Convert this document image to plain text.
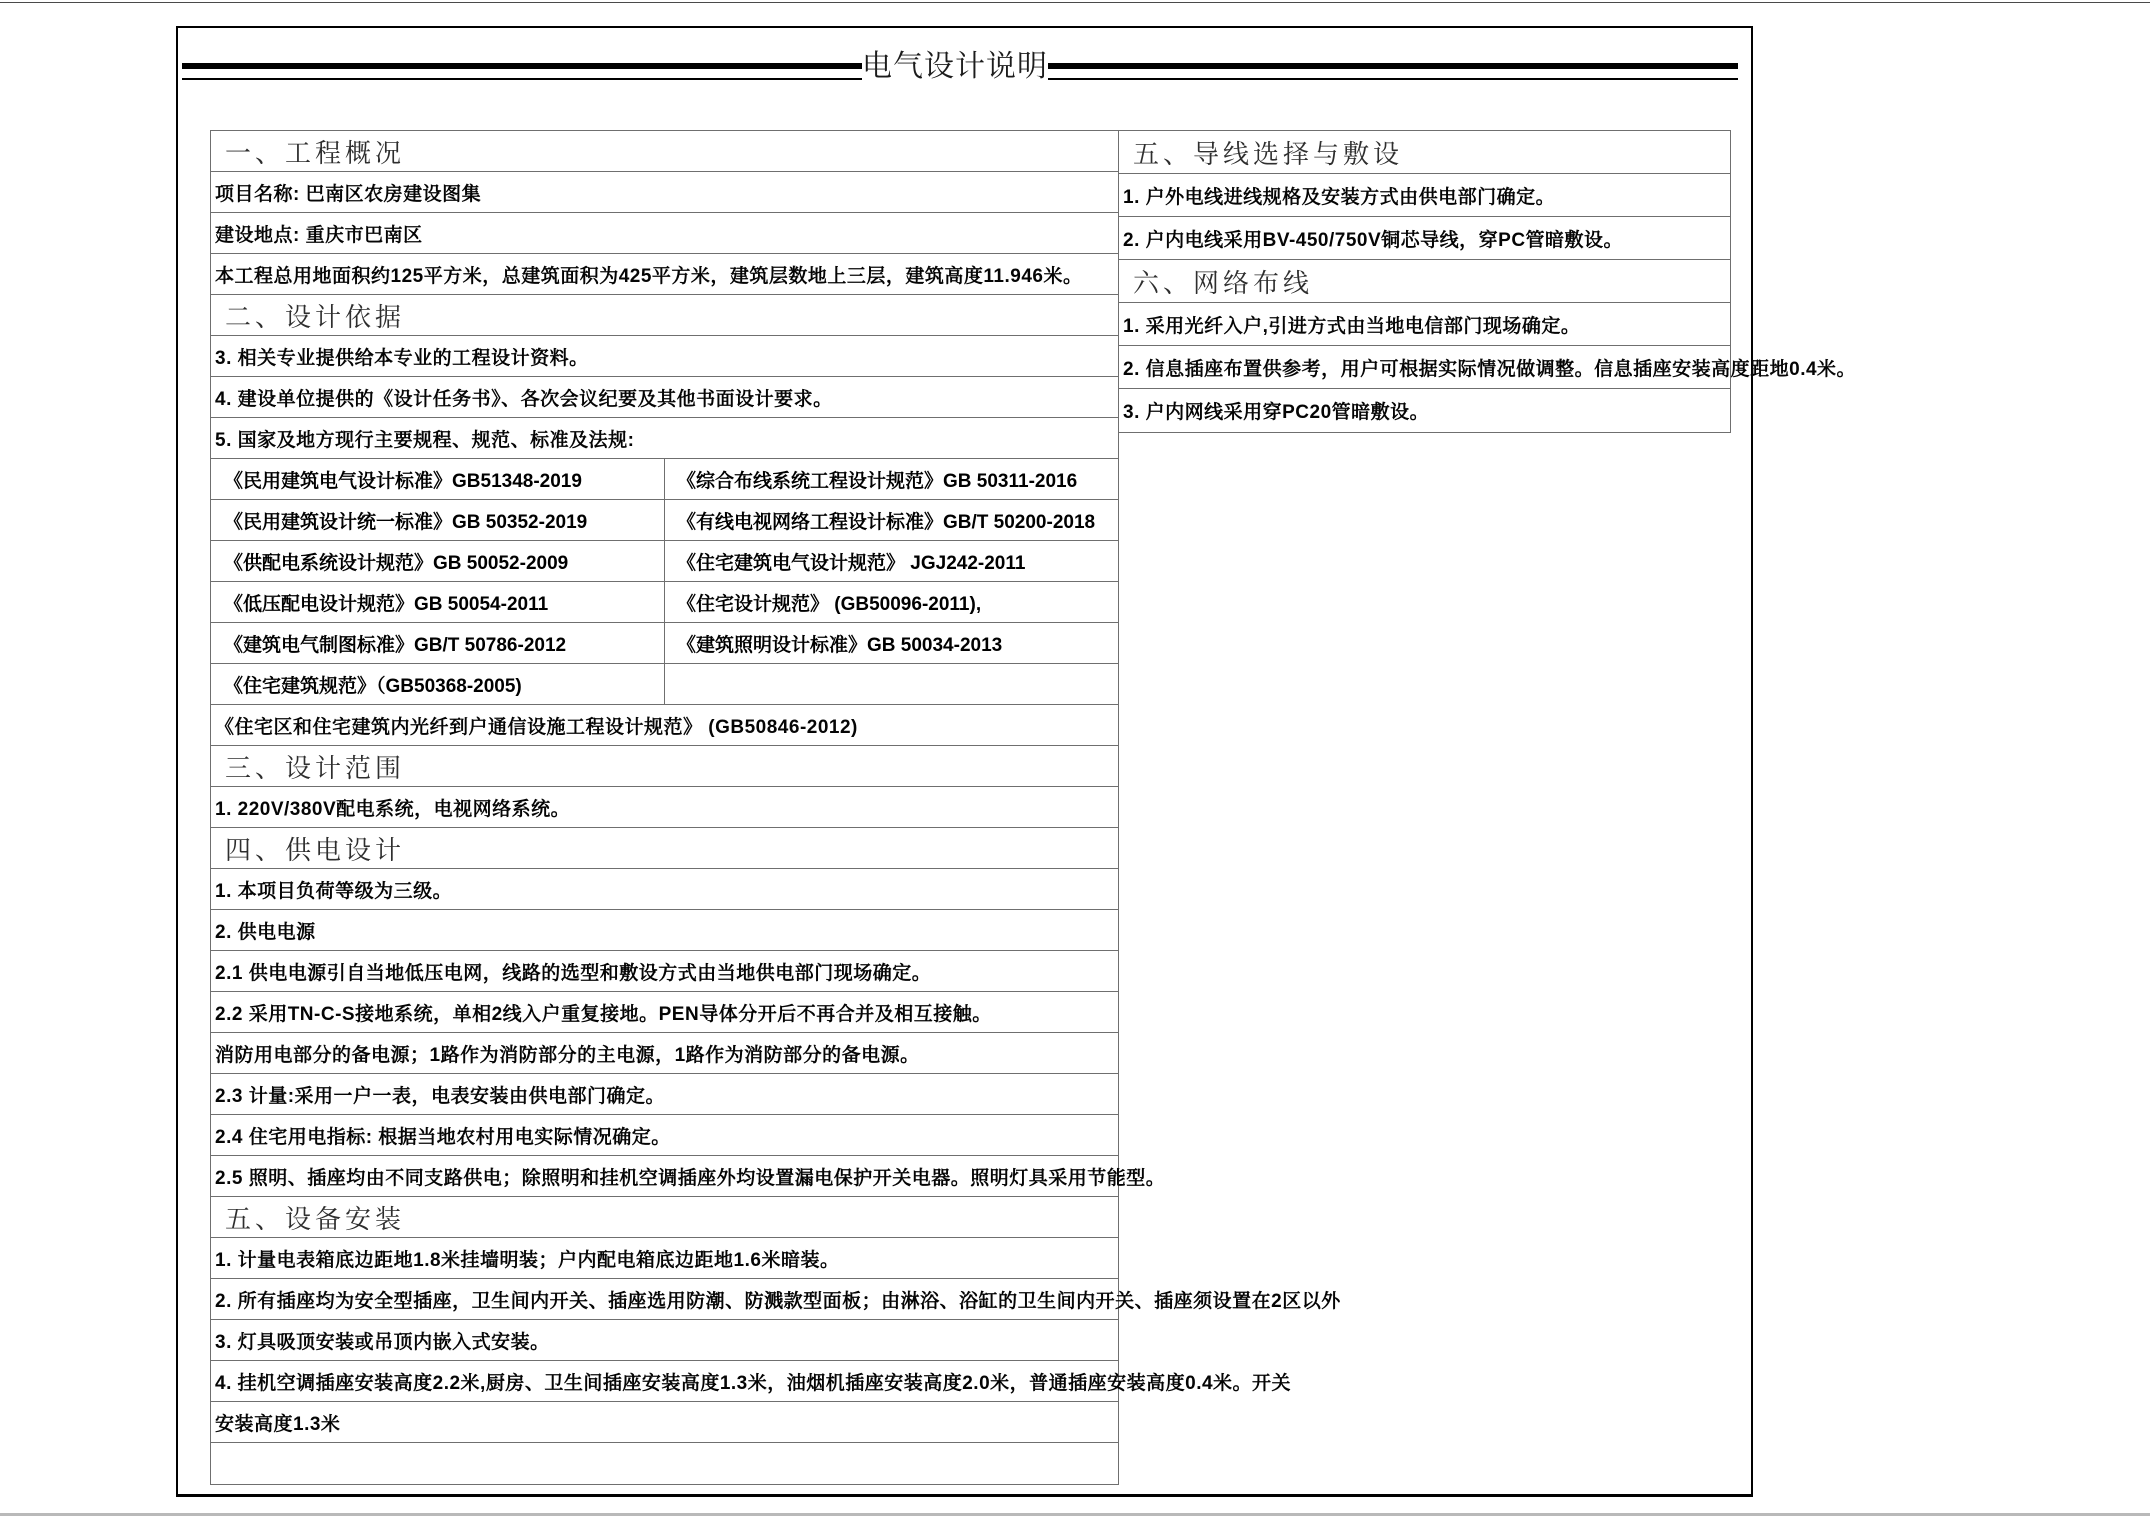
电气设计说明
一、工程概况
项目名称: 巴南区农房建设图集
建设地点: 重庆市巴南区
本工程总用地面积约125平方米，总建筑面积为425平方米，建筑层数地上三层，建筑高度11.946米。
二、设计依据
3. 相关专业提供给本专业的工程设计资料。
4. 建设单位提供的《设计任务书》、各次会议纪要及其他书面设计要求。
5. 国家及地方现行主要规程、规范、标准及法规:
《民用建筑电气设计标准》GB51348-2019	《综合布线系统工程设计规范》GB 50311-2016
《民用建筑设计统一标准》GB 50352-2019	《有线电视网络工程设计标准》GB/T 50200-2018
《供配电系统设计规范》GB 50052-2009	《住宅建筑电气设计规范》 JGJ242-2011
《低压配电设计规范》GB 50054-2011	《住宅设计规范》 (GB50096-2011),
《建筑电气制图标准》GB/T 50786-2012	《建筑照明设计标准》GB 50034-2013
《住宅建筑规范》（GB50368-2005)
《住宅区和住宅建筑内光纤到户通信设施工程设计规范》 (GB50846-2012)
三、设计范围
1. 220V/380V配电系统，电视网络系统。
四、供电设计
1. 本项目负荷等级为三级。
2. 供电电源
2.1 供电电源引自当地低压电网，线路的选型和敷设方式由当地供电部门现场确定。
2.2 采用TN-C-S接地系统，单相2线入户重复接地。PEN导体分开后不再合并及相互接触。
消防用电部分的备电源；1路作为消防部分的主电源，1路作为消防部分的备电源。
2.3 计量:采用一户一表，电表安装由供电部门确定。
2.4 住宅用电指标: 根据当地农村用电实际情况确定。
2.5 照明、插座均由不同支路供电；除照明和挂机空调插座外均设置漏电保护开关电器。照明灯具采用节能型。
五、设备安装
1. 计量电表箱底边距地1.8米挂墙明装；户内配电箱底边距地1.6米暗装。
2. 所有插座均为安全型插座，卫生间内开关、插座选用防潮、防溅款型面板；由淋浴、浴缸的卫生间内开关、插座须设置在2区以外
3. 灯具吸顶安装或吊顶内嵌入式安装。
4. 挂机空调插座安装高度2.2米,厨房、卫生间插座安装高度1.3米，油烟机插座安装高度2.0米，普通插座安装高度0.4米。开关
安装高度1.3米
五、导线选择与敷设
1. 户外电线进线规格及安装方式由供电部门确定。
2. 户内电线采用BV-450/750V铜芯导线，穿PC管暗敷设。
六、网络布线
1. 采用光纤入户,引进方式由当地电信部门现场确定。
2. 信息插座布置供参考，用户可根据实际情况做调整。信息插座安装高度距地0.4米。
3. 户内网线采用穿PC20管暗敷设。
